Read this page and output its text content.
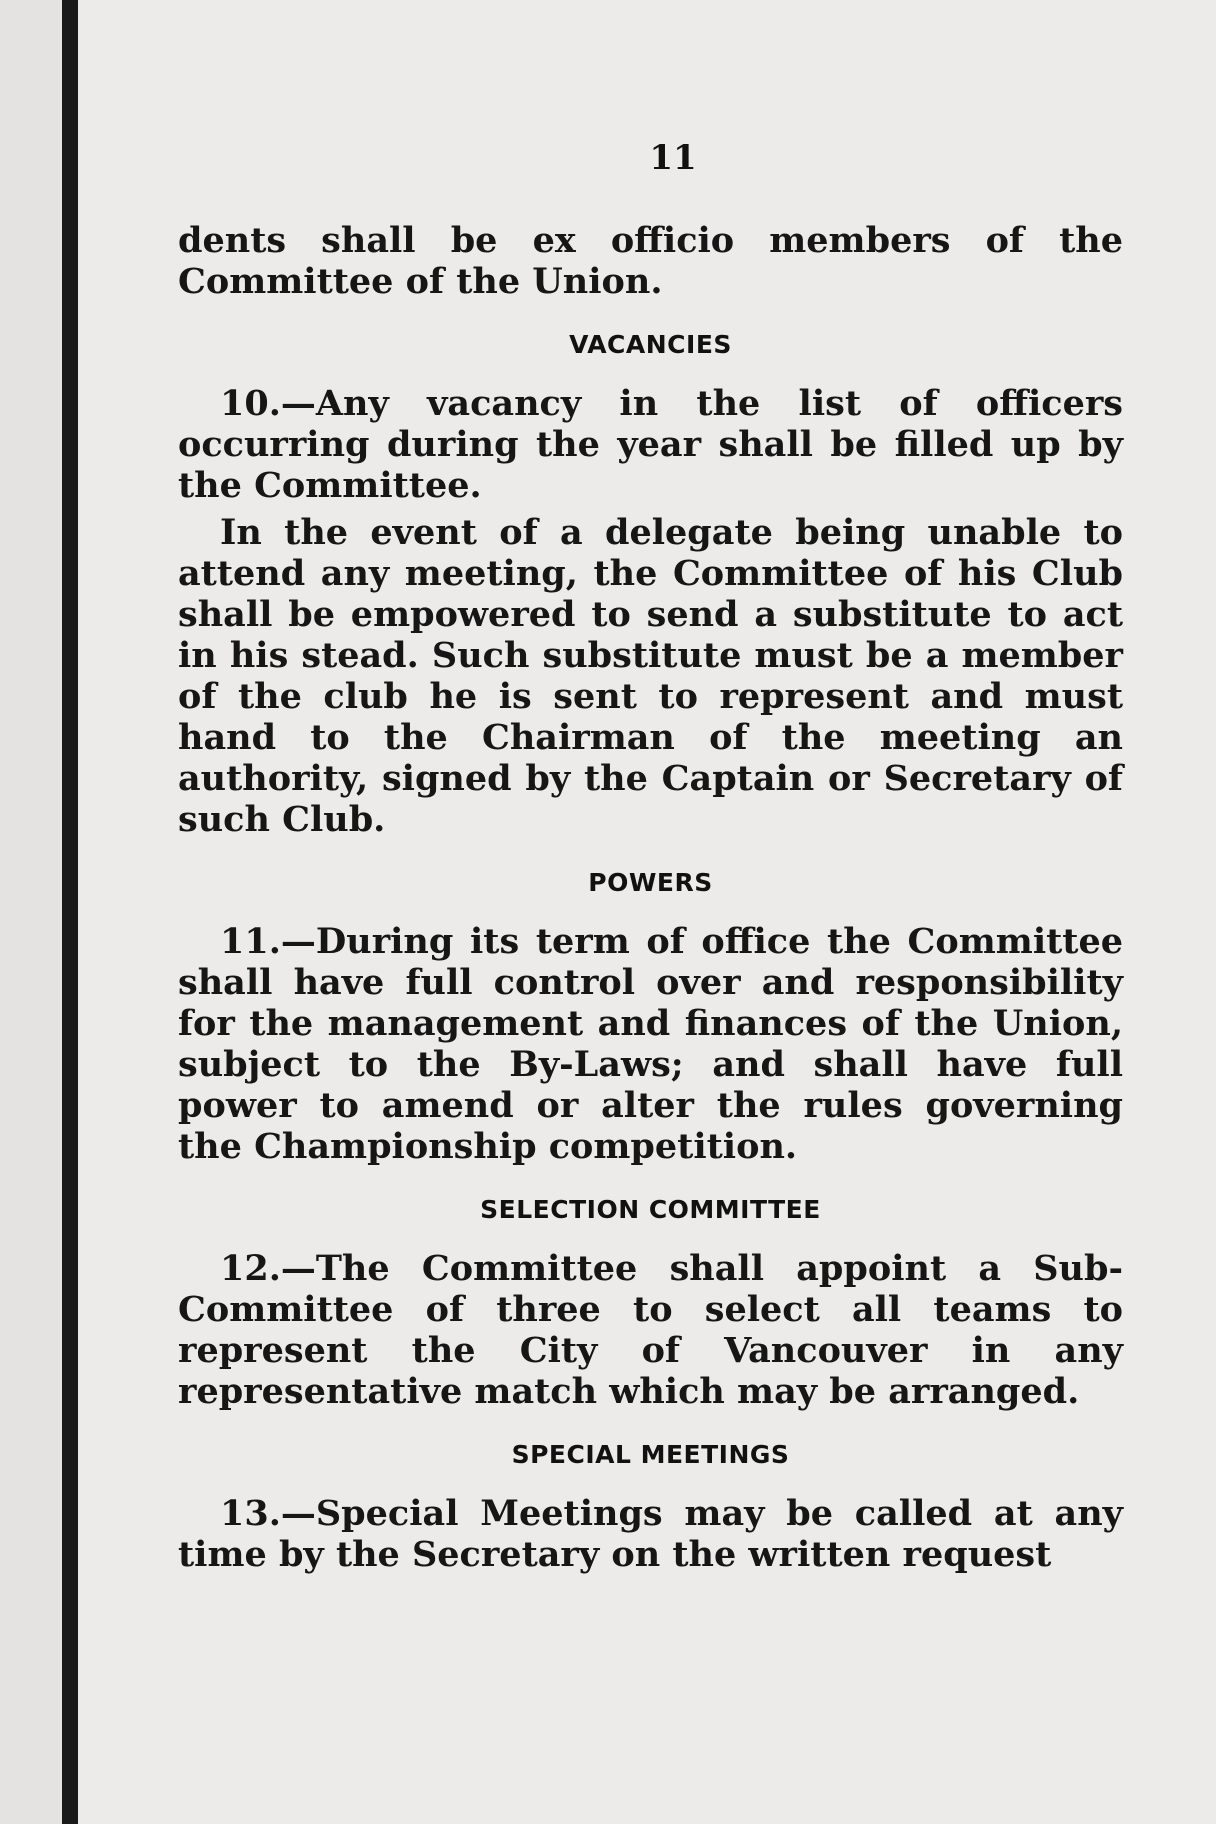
11

dents shall be ex officio members of the Committee of the Union.

VACANCIES

10.—Any vacancy in the list of officers occurring during the year shall be filled up by the Committee.

In the event of a delegate being unable to attend any meeting, the Committee of his Club shall be empowered to send a substitute to act in his stead. Such substitute must be a member of the club he is sent to represent and must hand to the Chairman of the meeting an authority, signed by the Captain or Secretary of such Club.

POWERS

11.—During its term of office the Committee shall have full control over and responsibility for the management and finances of the Union, subject to the By-Laws; and shall have full power to amend or alter the rules governing the Championship competition.

SELECTION COMMITTEE

12.—The Committee shall appoint a Sub-Committee of three to select all teams to represent the City of Vancouver in any representative match which may be arranged.

SPECIAL MEETINGS

13.—Special Meetings may be called at any time by the Secretary on the written request
